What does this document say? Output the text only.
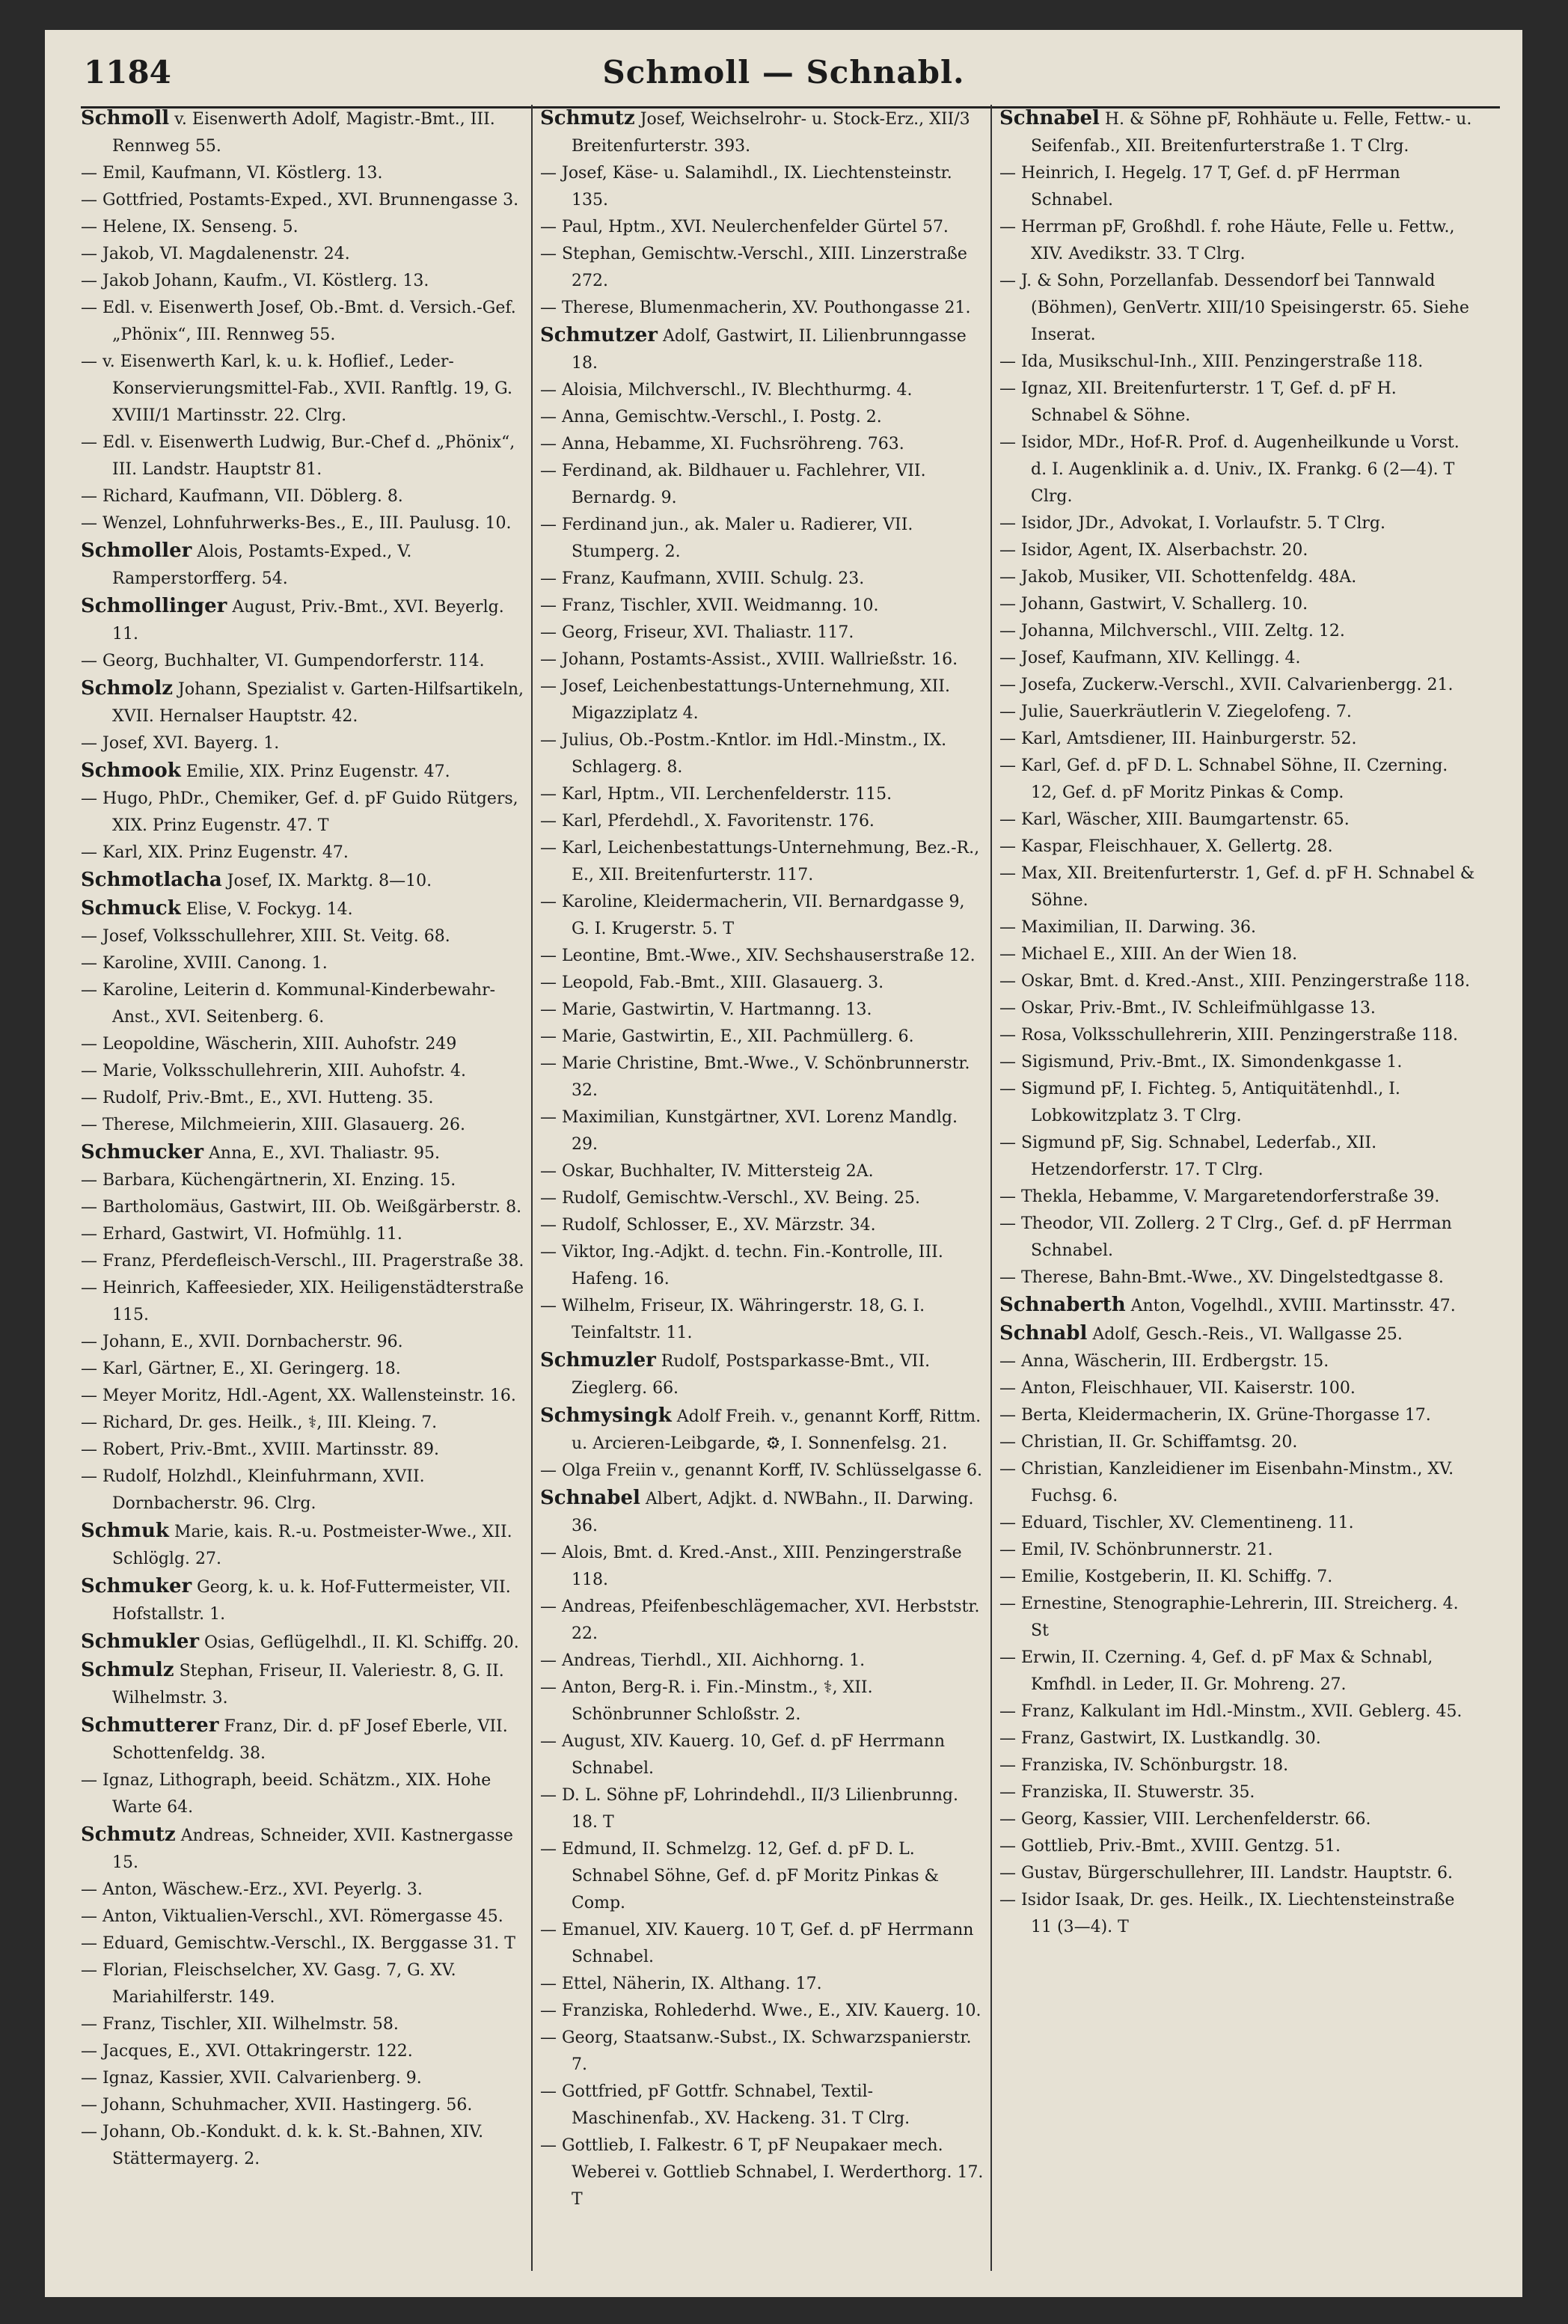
1184	Schmoll — Schnabl.
Schmoll v. Eisenwerth Adolf, Magistr.-Bmt., III. Rennweg 55.
— Emil, Kaufmann, VI. Köstlerg. 13.
— Gottfried, Postamts-Exped., XVI. Brunnengasse 3.
— Helene, IX. Senseng. 5.
— Jakob, VI. Magdalenenstr. 24.
— Jakob Johann, Kaufm., VI. Köstlerg. 13.
— Edl. v. Eisenwerth Josef, Ob.-Bmt. d. Versich.-Gef. „Phönix“, III. Rennweg 55.
— v. Eisenwerth Karl, k. u. k. Hoflief., Leder-Konservierungsmittel-Fab., XVII. Ranftlg. 19, G. XVIII/1 Martinsstr. 22. Clrg.
— Edl. v. Eisenwerth Ludwig, Bur.-Chef d. „Phönix“, III. Landstr. Hauptstr 81.
— Richard, Kaufmann, VII. Döblerg. 8.
— Wenzel, Lohnfuhrwerks-Bes., E., III. Paulusg. 10.
Schmoller Alois, Postamts-Exped., V. Ramperstorfferg. 54.
Schmollinger August, Priv.-Bmt., XVI. Beyerlg. 11.
— Georg, Buchhalter, VI. Gumpendorferstr. 114.
Schmolz Johann, Spezialist v. Garten-Hilfsartikeln, XVII. Hernalser Hauptstr. 42.
— Josef, XVI. Bayerg. 1.
Schmook Emilie, XIX. Prinz Eugenstr. 47.
— Hugo, PhDr., Chemiker, Gef. d. pF Guido Rütgers, XIX. Prinz Eugenstr. 47. T
— Karl, XIX. Prinz Eugenstr. 47.
Schmotlacha Josef, IX. Marktg. 8—10.
Schmuck Elise, V. Fockyg. 14.
— Josef, Volksschullehrer, XIII. St. Veitg. 68.
— Karoline, XVIII. Canong. 1.
— Karoline, Leiterin d. Kommunal-Kinderbewahr-Anst., XVI. Seitenberg. 6.
— Leopoldine, Wäscherin, XIII. Auhofstr. 249
— Marie, Volksschullehrerin, XIII. Auhofstr. 4.
— Rudolf, Priv.-Bmt., E., XVI. Hutteng. 35.
— Therese, Milchmeierin, XIII. Glasauerg. 26.
Schmucker Anna, E., XVI. Thaliastr. 95.
— Barbara, Küchengärtnerin, XI. Enzing. 15.
— Bartholomäus, Gastwirt, III. Ob. Weißgärberstr. 8.
— Erhard, Gastwirt, VI. Hofmühlg. 11.
— Franz, Pferdefleisch-Verschl., III. Pragerstraße 38.
— Heinrich, Kaffeesieder, XIX. Heiligenstädterstraße 115.
— Johann, E., XVII. Dornbacherstr. 96.
— Karl, Gärtner, E., XI. Geringerg. 18.
— Meyer Moritz, Hdl.-Agent, XX. Wallensteinstr. 16.
— Richard, Dr. ges. Heilk., ⚕, III. Kleing. 7.
— Robert, Priv.-Bmt., XVIII. Martinsstr. 89.
— Rudolf, Holzhdl., Kleinfuhrmann, XVII. Dornbacherstr. 96. Clrg.
Schmuk Marie, kais. R.-u. Postmeister-Wwe., XII. Schlöglg. 27.
Schmuker Georg, k. u. k. Hof-Futtermeister, VII. Hofstallstr. 1.
Schmukler Osias, Geflügelhdl., II. Kl. Schiffg. 20.
Schmulz Stephan, Friseur, II. Valeriestr. 8, G. II. Wilhelmstr. 3.
Schmutterer Franz, Dir. d. pF Josef Eberle, VII. Schottenfeldg. 38.
— Ignaz, Lithograph, beeid. Schätzm., XIX. Hohe Warte 64.
Schmutz Andreas, Schneider, XVII. Kastnergasse 15.
— Anton, Wäschew.-Erz., XVI. Peyerlg. 3.
— Anton, Viktualien-Verschl., XVI. Römergasse 45.
— Eduard, Gemischtw.-Verschl., IX. Berggasse 31. T
— Florian, Fleischselcher, XV. Gasg. 7, G. XV. Mariahilferstr. 149.
— Franz, Tischler, XII. Wilhelmstr. 58.
— Jacques, E., XVI. Ottakringerstr. 122.
— Ignaz, Kassier, XVII. Calvarienberg. 9.
— Johann, Schuhmacher, XVII. Hastingerg. 56.
— Johann, Ob.-Kondukt. d. k. k. St.-Bahnen, XIV. Stättermayerg. 2.
Schmutz Josef, Weichselrohr- u. Stock-Erz., XII/3 Breitenfurterstr. 393.
— Josef, Käse- u. Salamihdl., IX. Liechtensteinstr. 135.
— Paul, Hptm., XVI. Neulerchenfelder Gürtel 57.
— Stephan, Gemischtw.-Verschl., XIII. Linzerstraße 272.
— Therese, Blumenmacherin, XV. Pouthongasse 21.
Schmutzer Adolf, Gastwirt, II. Lilienbrunngasse 18.
— Aloisia, Milchverschl., IV. Blechthurmg. 4.
— Anna, Gemischtw.-Verschl., I. Postg. 2.
— Anna, Hebamme, XI. Fuchsröhreng. 763.
— Ferdinand, ak. Bildhauer u. Fachlehrer, VII. Bernardg. 9.
— Ferdinand jun., ak. Maler u. Radierer, VII. Stumperg. 2.
— Franz, Kaufmann, XVIII. Schulg. 23.
— Franz, Tischler, XVII. Weidmanng. 10.
— Georg, Friseur, XVI. Thaliastr. 117.
— Johann, Postamts-Assist., XVIII. Wallrießstr. 16.
— Josef, Leichenbestattungs-Unternehmung, XII. Migazziplatz 4.
— Julius, Ob.-Postm.-Kntlor. im Hdl.-Minstm., IX. Schlagerg. 8.
— Karl, Hptm., VII. Lerchenfelderstr. 115.
— Karl, Pferdehdl., X. Favoritenstr. 176.
— Karl, Leichenbestattungs-Unternehmung, Bez.-R., E., XII. Breitenfurterstr. 117.
— Karoline, Kleidermacherin, VII. Bernardgasse 9, G. I. Krugerstr. 5. T
— Leontine, Bmt.-Wwe., XIV. Sechshauserstraße 12.
— Leopold, Fab.-Bmt., XIII. Glasauerg. 3.
— Marie, Gastwirtin, V. Hartmanng. 13.
— Marie, Gastwirtin, E., XII. Pachmüllerg. 6.
— Marie Christine, Bmt.-Wwe., V. Schönbrunnerstr. 32.
— Maximilian, Kunstgärtner, XVI. Lorenz Mandlg. 29.
— Oskar, Buchhalter, IV. Mittersteig 2A.
— Rudolf, Gemischtw.-Verschl., XV. Being. 25.
— Rudolf, Schlosser, E., XV. Märzstr. 34.
— Viktor, Ing.-Adjkt. d. techn. Fin.-Kontrolle, III. Hafeng. 16.
— Wilhelm, Friseur, IX. Währingerstr. 18, G. I. Teinfaltstr. 11.
Schmuzler Rudolf, Postsparkasse-Bmt., VII. Zieglerg. 66.
Schmysingk Adolf Freih. v., genannt Korff, Rittm. u. Arcieren-Leibgarde, ⚙, I. Sonnenfelsg. 21.
— Olga Freiin v., genannt Korff, IV. Schlüsselgasse 6.
Schnabel Albert, Adjkt. d. NWBahn., II. Darwing. 36.
— Alois, Bmt. d. Kred.-Anst., XIII. Penzingerstraße 118.
— Andreas, Pfeifenbeschlägemacher, XVI. Herbststr. 22.
— Andreas, Tierhdl., XII. Aichhorng. 1.
— Anton, Berg-R. i. Fin.-Minstm., ⚕, XII. Schönbrunner Schloßstr. 2.
— August, XIV. Kauerg. 10, Gef. d. pF Herrmann Schnabel.
— D. L. Söhne pF, Lohrindehdl., II/3 Lilienbrunng. 18. T
— Edmund, II. Schmelzg. 12, Gef. d. pF D. L. Schnabel Söhne, Gef. d. pF Moritz Pinkas & Comp.
— Emanuel, XIV. Kauerg. 10 T, Gef. d. pF Herrmann Schnabel.
— Ettel, Näherin, IX. Althang. 17.
— Franziska, Rohlederhd. Wwe., E., XIV. Kauerg. 10.
— Georg, Staatsanw.-Subst., IX. Schwarzspanierstr. 7.
— Gottfried, pF Gottfr. Schnabel, Textil-Maschinenfab., XV. Hackeng. 31. T Clrg.
— Gottlieb, I. Falkestr. 6 T, pF Neupakaer mech. Weberei v. Gottlieb Schnabel, I. Werderthorg. 17. T
Schnabel H. & Söhne pF, Rohhäute u. Felle, Fettw.- u. Seifenfab., XII. Breitenfurterstraße 1. T Clrg.
— Heinrich, I. Hegelg. 17 T, Gef. d. pF Herrman Schnabel.
— Herrman pF, Großhdl. f. rohe Häute, Felle u. Fettw., XIV. Avedikstr. 33. T Clrg.
— J. & Sohn, Porzellanfab. Dessendorf bei Tannwald (Böhmen), GenVertr. XIII/10 Speisingerstr. 65. Siehe Inserat.
— Ida, Musikschul-Inh., XIII. Penzingerstraße 118.
— Ignaz, XII. Breitenfurterstr. 1 T, Gef. d. pF H. Schnabel & Söhne.
— Isidor, MDr., Hof-R. Prof. d. Augenheilkunde u Vorst. d. I. Augenklinik a. d. Univ., IX. Frankg. 6 (2—4). T Clrg.
— Isidor, JDr., Advokat, I. Vorlaufstr. 5. T Clrg.
— Isidor, Agent, IX. Alserbachstr. 20.
— Jakob, Musiker, VII. Schottenfeldg. 48A.
— Johann, Gastwirt, V. Schallerg. 10.
— Johanna, Milchverschl., VIII. Zeltg. 12.
— Josef, Kaufmann, XIV. Kellingg. 4.
— Josefa, Zuckerw.-Verschl., XVII. Calvarienbergg. 21.
— Julie, Sauerkräutlerin V. Ziegelofeng. 7.
— Karl, Amtsdiener, III. Hainburgerstr. 52.
— Karl, Gef. d. pF D. L. Schnabel Söhne, II. Czerning. 12, Gef. d. pF Moritz Pinkas & Comp.
— Karl, Wäscher, XIII. Baumgartenstr. 65.
— Kaspar, Fleischhauer, X. Gellertg. 28.
— Max, XII. Breitenfurterstr. 1, Gef. d. pF H. Schnabel & Söhne.
— Maximilian, II. Darwing. 36.
— Michael E., XIII. An der Wien 18.
— Oskar, Bmt. d. Kred.-Anst., XIII. Penzingerstraße 118.
— Oskar, Priv.-Bmt., IV. Schleifmühlgasse 13.
— Rosa, Volksschullehrerin, XIII. Penzingerstraße 118.
— Sigismund, Priv.-Bmt., IX. Simondenkgasse 1.
— Sigmund pF, I. Fichteg. 5, Antiquitätenhdl., I. Lobkowitzplatz 3. T Clrg.
— Sigmund pF, Sig. Schnabel, Lederfab., XII. Hetzendorferstr. 17. T Clrg.
— Thekla, Hebamme, V. Margaretendorferstraße 39.
— Theodor, VII. Zollerg. 2 T Clrg., Gef. d. pF Herrman Schnabel.
— Therese, Bahn-Bmt.-Wwe., XV. Dingelstedtgasse 8.
Schnaberth Anton, Vogelhdl., XVIII. Martinsstr. 47.
Schnabl Adolf, Gesch.-Reis., VI. Wallgasse 25.
— Anna, Wäscherin, III. Erdbergstr. 15.
— Anton, Fleischhauer, VII. Kaiserstr. 100.
— Berta, Kleidermacherin, IX. Grüne-Thorgasse 17.
— Christian, II. Gr. Schiffamtsg. 20.
— Christian, Kanzleidiener im Eisenbahn-Minstm., XV. Fuchsg. 6.
— Eduard, Tischler, XV. Clementineng. 11.
— Emil, IV. Schönbrunnerstr. 21.
— Emilie, Kostgeberin, II. Kl. Schiffg. 7.
— Ernestine, Stenographie-Lehrerin, III. Streicherg. 4. St
— Erwin, II. Czerning. 4, Gef. d. pF Max & Schnabl, Kmfhdl. in Leder, II. Gr. Mohreng. 27.
— Franz, Kalkulant im Hdl.-Minstm., XVII. Geblerg. 45.
— Franz, Gastwirt, IX. Lustkandlg. 30.
— Franziska, IV. Schönburgstr. 18.
— Franziska, II. Stuwerstr. 35.
— Georg, Kassier, VIII. Lerchenfelderstr. 66.
— Gottlieb, Priv.-Bmt., XVIII. Gentzg. 51.
— Gustav, Bürgerschullehrer, III. Landstr. Hauptstr. 6.
— Isidor Isaak, Dr. ges. Heilk., IX. Liechtensteinstraße 11 (3—4). T
